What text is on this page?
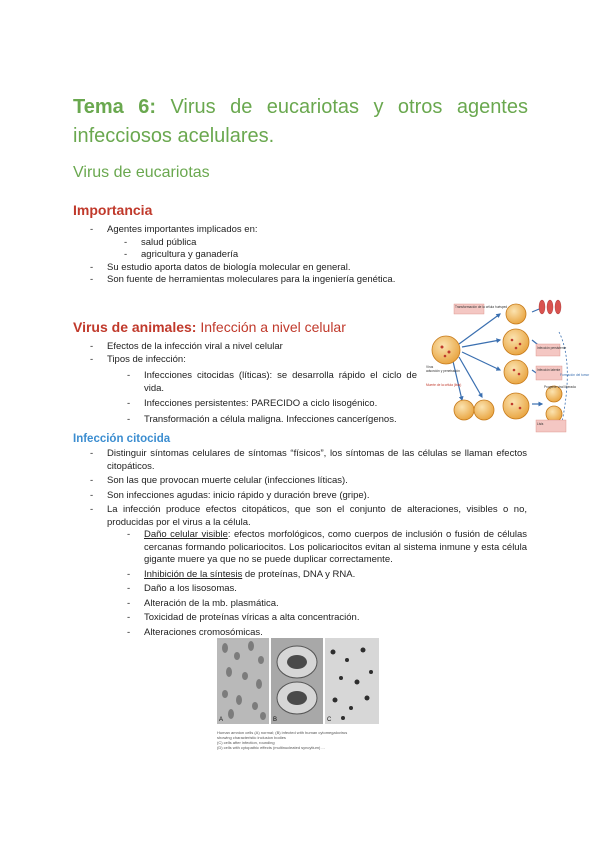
Tema 6: Virus de eucariotas y otros agentes infecciosos acelulares.
Virus de eucariotas
Importancia
- Agentes importantes implicados en:
- salud pública
- agricultura y ganadería
- Su estudio aporta datos de biología molecular en general.
- Son fuente de herramientas moleculares para la ingeniería genética.
Virus de animales: Infección a nivel celular
- Efectos de la infección viral a nivel celular
- Tipos de infección:
- Infecciones citocidas (líticas): se desarrolla rápido el ciclo de vida.
- Infecciones persistentes: PARECIDO a ciclo lisogénico.
- Transformación a célula maligna. Infecciones cancerígenos.
Transformación de la célula huésped
Virus
adsorción y penetración
Infección persistente
Infección latente
Lisis
Progenie viral liberada
Muerte de la célula (lisis)
Formación del tumor
Infección citocida
- Distinguir síntomas celulares de síntomas “físicos”, los síntomas de las células se llaman efectos citopáticos.
- Son las que provocan muerte celular (infecciones líticas).
- Son infecciones agudas: inicio rápido y duración breve (gripe).
- La infección produce efectos citopáticos, que son el conjunto de alteraciones, visibles o no, producidas por el virus a la célula.
- Daño celular visible: efectos morfológicos, como cuerpos de inclusión o fusión de células cercanas formando policariocitos. Los policariocitos evitan al sistema inmune y esta célula gigante muere ya que no se puede duplicar correctamente.
- Inhibición de la síntesis de proteínas, DNA y RNA.
- Daño a los lisosomas.
- Alteración de la mb. plasmática.
- Toxicidad de proteínas víricas a alta concentración.
- Alteraciones cromosómicas.
A	B	C
Human amnion cells (A) normal; (B) infected with human cytomegalovirus
showing characteristic inclusion bodies
(C) cells after infection, rounding
(D) cells with cytopathic effects (multinucleated syncytium) ...
